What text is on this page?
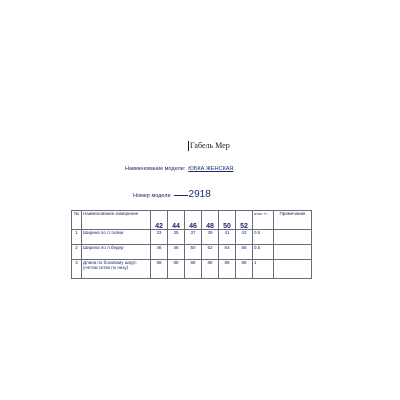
Габель Мер
Наименование модели: ЮБКА ЖЕНСКАЯ
Номер модели 2918
№	Наименование измерения	42	44	46	48	50	52	откл +/-	Примечания
1	Ширина по л.талии	33	35	37	39	41	43	0.5	
2	Ширина по л.бедер	46	48	50	52	54	56	0.5	
3	Длина по боковому шву(с учетом сетки по низу)	88	88	88	88	88	88	1	
